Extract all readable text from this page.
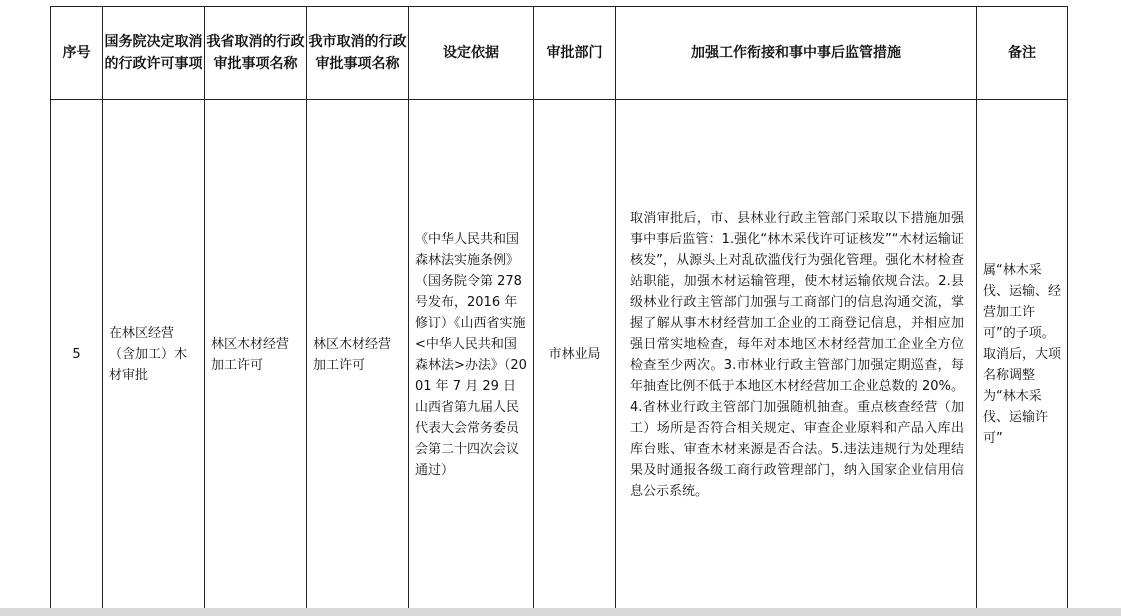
序号	国务院决定取消的行政许可事项	我省取消的行政审批事项名称	我市取消的行政审批事项名称	设定依据	审批部门	加强工作衔接和事中事后监管措施	备注
5	在林区经营（含加工）木材审批	林区木材经营加工许可	林区木材经营加工许可	《中华人民共和国森林法实施条例》（国务院令第 278 号发布，2016 年修订）《山西省实施<中华人民共和国森林法>办法》（2001 年 7 月 29 日山西省第九届人民代表大会常务委员会第二十四次会议通过）	市林业局	取消审批后，市、县林业行政主管部门采取以下措施加强事中事后监管：1.强化“林木采伐许可证核发”“木材运输证核发”，从源头上对乱砍滥伐行为强化管理。强化木材检查站职能，加强木材运输管理，使木材运输依规合法。2.县级林业行政主管部门加强与工商部门的信息沟通交流，掌握了解从事木材经营加工企业的工商登记信息，并相应加强日常实地检查，每年对本地区木材经营加工企业全方位检查至少两次。3.市林业行政主管部门加强定期巡查，每年抽查比例不低于本地区木材经营加工企业总数的 20%。4.省林业行政主管部门加强随机抽查。重点核查经营（加工）场所是否符合相关规定、审查企业原料和产品入库出库台账、审查木材来源是否合法。5.违法违规行为处理结果及时通报各级工商行政管理部门，纳入国家企业信用信息公示系统。	属“林木采伐、运输、经营加工许可”的子项。取消后，大项名称调整为“林木采伐、运输许可”
